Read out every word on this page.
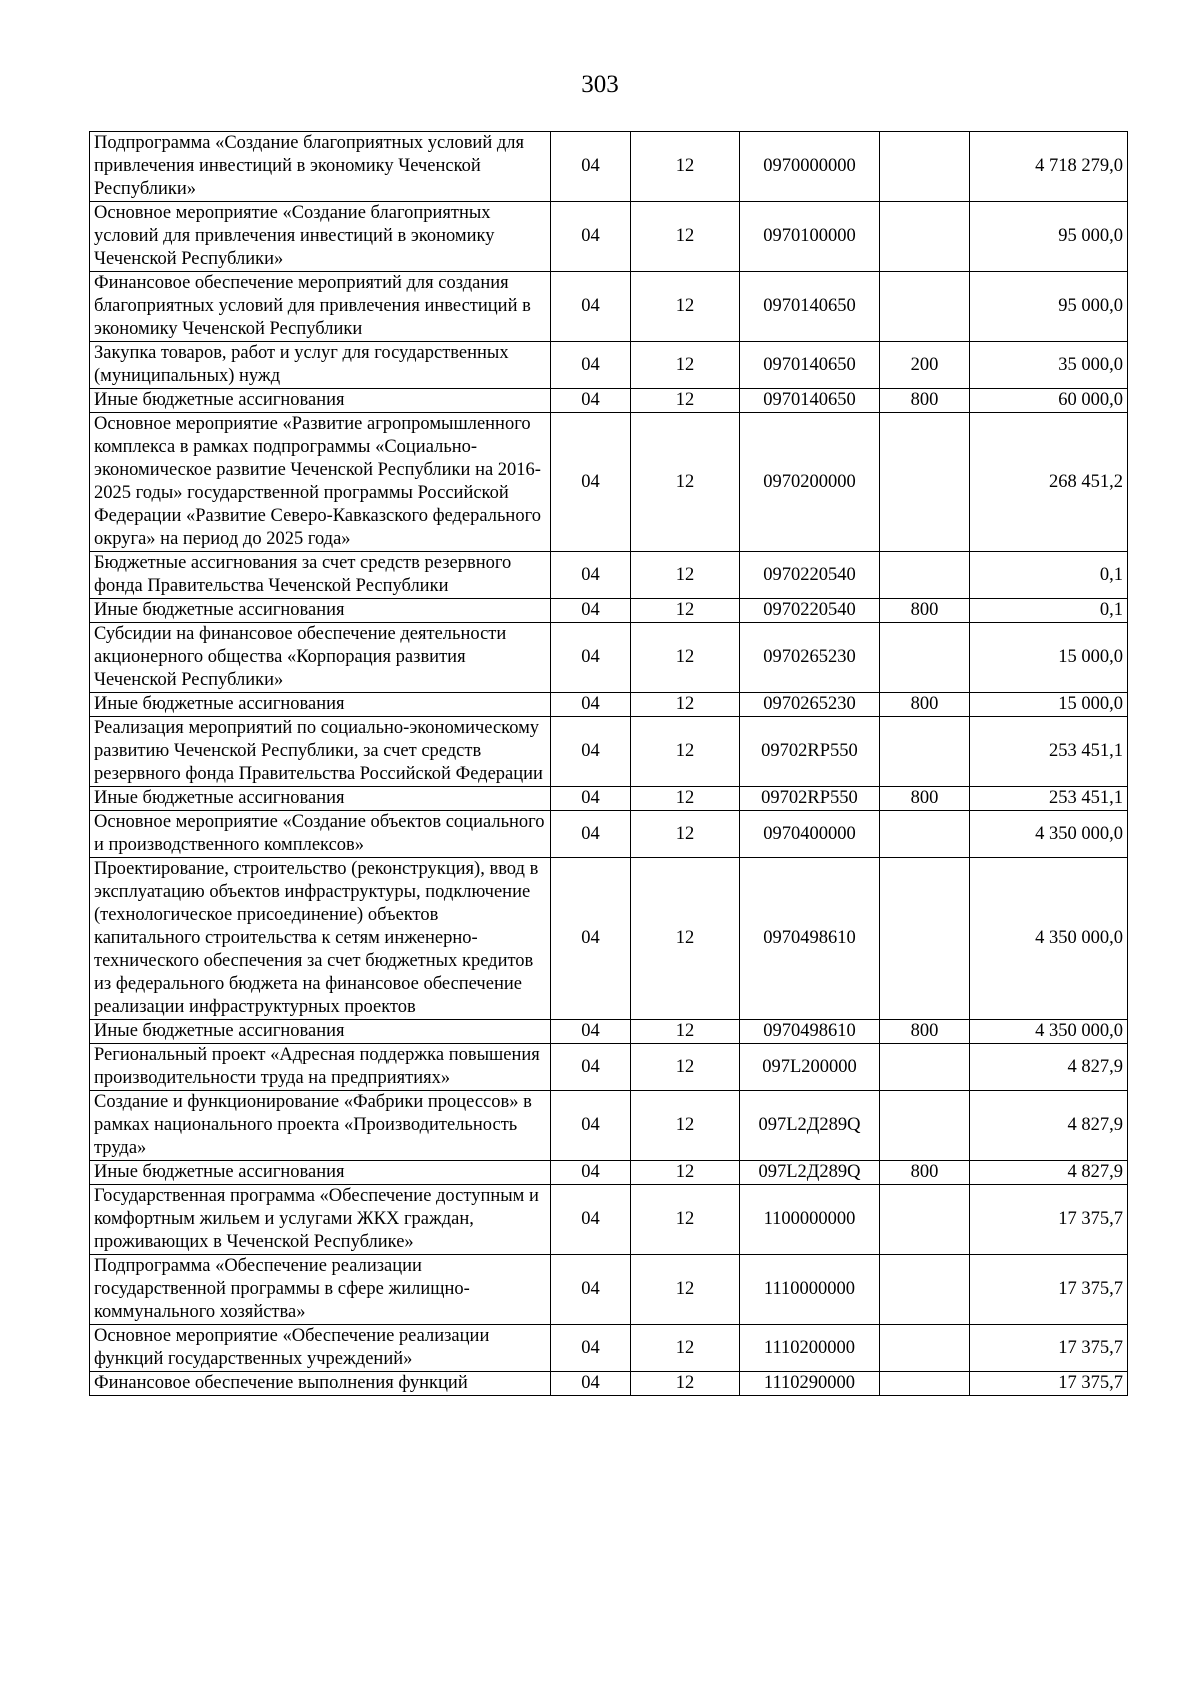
303
Подпрограмма «Создание благоприятных условий для привлечения инвестиций в экономику Чеченской Республики»	04	12	0970000000		4 718 279,0
Основное мероприятие «Создание благоприятных условий для привлечения инвестиций в экономику Чеченской Республики»	04	12	0970100000		95 000,0
Финансовое обеспечение мероприятий для создания благоприятных условий для привлечения инвестиций в экономику Чеченской Республики	04	12	0970140650		95 000,0
Закупка товаров, работ и услуг для государственных (муниципальных) нужд	04	12	0970140650	200	35 000,0
Иные бюджетные ассигнования	04	12	0970140650	800	60 000,0
Основное мероприятие «Развитие агропромышленного комплекса в рамках подпрограммы «Социально-экономическое развитие Чеченской Республики на 2016-2025 годы» государственной программы Российской Федерации «Развитие Северо-Кавказского федерального округа» на период до 2025 года»	04	12	0970200000		268 451,2
Бюджетные ассигнования за счет средств резервного фонда Правительства Чеченской Республики	04	12	0970220540		0,1
Иные бюджетные ассигнования	04	12	0970220540	800	0,1
Субсидии на финансовое обеспечение деятельности акционерного общества «Корпорация развития Чеченской Республики»	04	12	0970265230		15 000,0
Иные бюджетные ассигнования	04	12	0970265230	800	15 000,0
Реализация мероприятий по социально-экономическому развитию Чеченской Республики, за счет средств резервного фонда Правительства Российской Федерации	04	12	09702RP550		253 451,1
Иные бюджетные ассигнования	04	12	09702RP550	800	253 451,1
Основное мероприятие «Создание объектов социального и производственного комплексов»	04	12	0970400000		4 350 000,0
Проектирование, строительство (реконструкция), ввод в эксплуатацию объектов инфраструктуры, подключение (технологическое присоединение) объектов капитального строительства к сетям инженерно-технического обеспечения за счет бюджетных кредитов из федерального бюджета на финансовое обеспечение реализации инфраструктурных проектов	04	12	0970498610		4 350 000,0
Иные бюджетные ассигнования	04	12	0970498610	800	4 350 000,0
Региональный проект «Адресная поддержка повышения производительности труда на предприятиях»	04	12	097L200000		4 827,9
Создание и функционирование «Фабрики процессов» в рамках национального проекта «Производительность труда»	04	12	097L2Д289Q		4 827,9
Иные бюджетные ассигнования	04	12	097L2Д289Q	800	4 827,9
Государственная программа «Обеспечение доступным и комфортным жильем и услугами ЖКХ граждан, проживающих в Чеченской Республике»	04	12	1100000000		17 375,7
Подпрограмма «Обеспечение реализации государственной программы в сфере жилищно-коммунального хозяйства»	04	12	1110000000		17 375,7
Основное мероприятие «Обеспечение реализации функций государственных учреждений»	04	12	1110200000		17 375,7
Финансовое обеспечение выполнения функций	04	12	1110290000		17 375,7
